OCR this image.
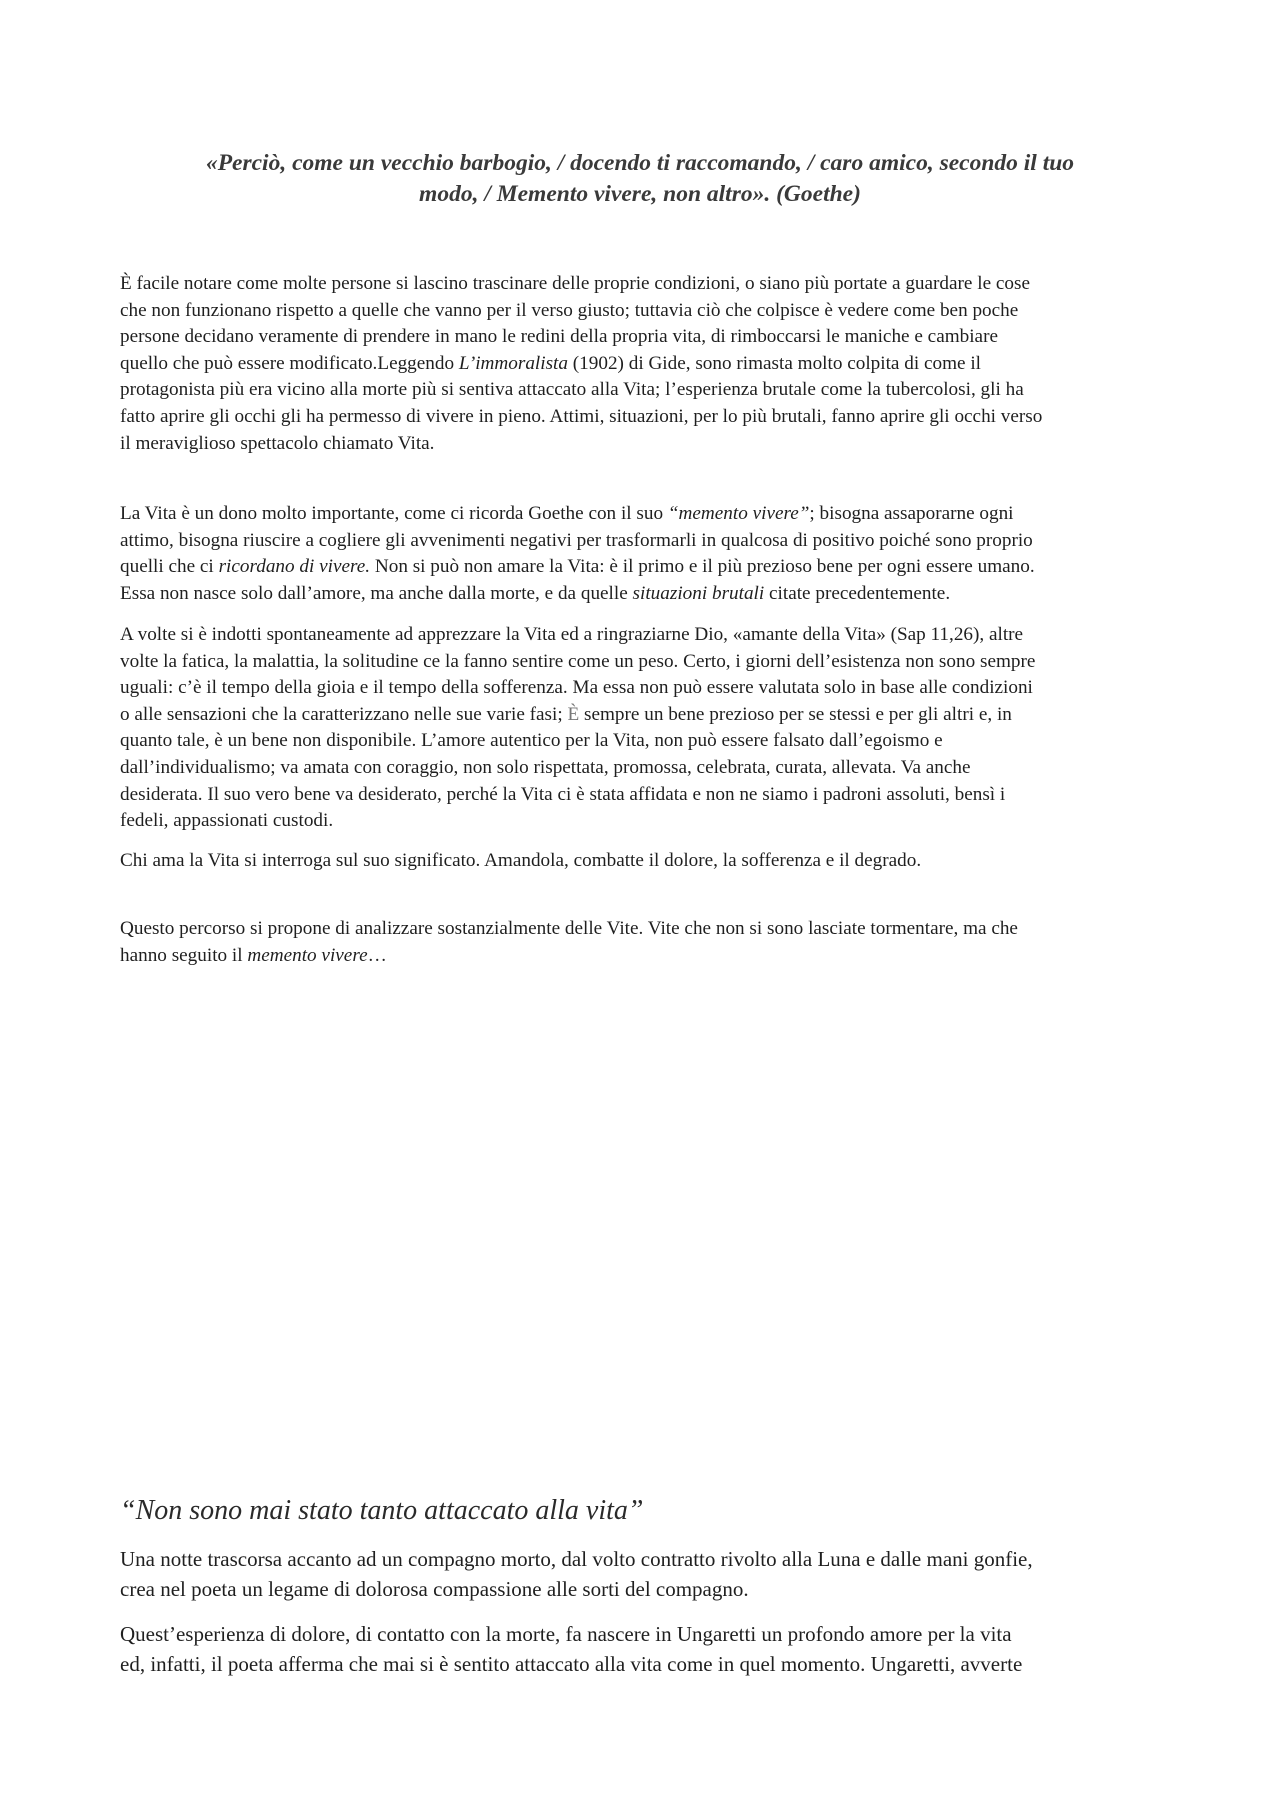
«Perciò, come un vecchio barbogio, / docendo ti raccomando, / caro amico, secondo il tuo
modo, / Memento vivere, non altro». (Goethe)
È facile notare come molte persone si lascino trascinare delle proprie condizioni, o siano più portate a guardare le cose
che non funzionano rispetto a quelle che vanno per il verso giusto; tuttavia ciò che colpisce è vedere come ben poche
persone decidano veramente di prendere in mano le redini della propria vita, di rimboccarsi le maniche e cambiare
quello che può essere modificato.Leggendo L’immoralista (1902) di Gide, sono rimasta molto colpita di come il
protagonista più era vicino alla morte più si sentiva attaccato alla Vita; l’esperienza brutale come la tubercolosi, gli ha
fatto aprire gli occhi gli ha permesso di vivere in pieno. Attimi, situazioni, per lo più brutali, fanno aprire gli occhi verso
il meraviglioso spettacolo chiamato Vita.
La Vita è un dono molto importante, come ci ricorda Goethe con il suo “memento vivere”; bisogna assaporarne ogni
attimo, bisogna riuscire a cogliere gli avvenimenti negativi per trasformarli in qualcosa di positivo poiché sono proprio
quelli che ci ricordano di vivere. Non si può non amare la Vita: è il primo e il più prezioso bene per ogni essere umano.
Essa non nasce solo dall’amore, ma anche dalla morte, e da quelle situazioni brutali citate precedentemente.
A volte si è indotti spontaneamente ad apprezzare la Vita ed a ringraziarne Dio, «amante della Vita» (Sap 11,26), altre
volte la fatica, la malattia, la solitudine ce la fanno sentire come un peso. Certo, i giorni dell’esistenza non sono sempre
uguali: c’è il tempo della gioia e il tempo della sofferenza. Ma essa non può essere valutata solo in base alle condizioni
o alle sensazioni che la caratterizzano nelle sue varie fasi; È sempre un bene prezioso per se stessi e per gli altri e, in
quanto tale, è un bene non disponibile. L’amore autentico per la Vita, non può essere falsato dall’egoismo e
dall’individualismo; va amata con coraggio, non solo rispettata, promossa, celebrata, curata, allevata. Va anche
desiderata. Il suo vero bene va desiderato, perché la Vita ci è stata affidata e non ne siamo i padroni assoluti, bensì i
fedeli, appassionati custodi.
Chi ama la Vita si interroga sul suo significato. Amandola, combatte il dolore, la sofferenza e il degrado.
Questo percorso si propone di analizzare sostanzialmente delle Vite. Vite che non si sono lasciate tormentare, ma che
hanno seguito il memento vivere…
“Non sono mai stato tanto attaccato alla vita”
Una notte trascorsa accanto ad un compagno morto, dal volto contratto rivolto alla Luna e dalle mani gonfie,
crea nel poeta un legame di dolorosa compassione alle sorti del compagno.
Quest’esperienza di dolore, di contatto con la morte, fa nascere in Ungaretti un profondo amore per la vita
ed, infatti, il poeta afferma che mai si è sentito attaccato alla vita come in quel momento. Ungaretti, avverte
